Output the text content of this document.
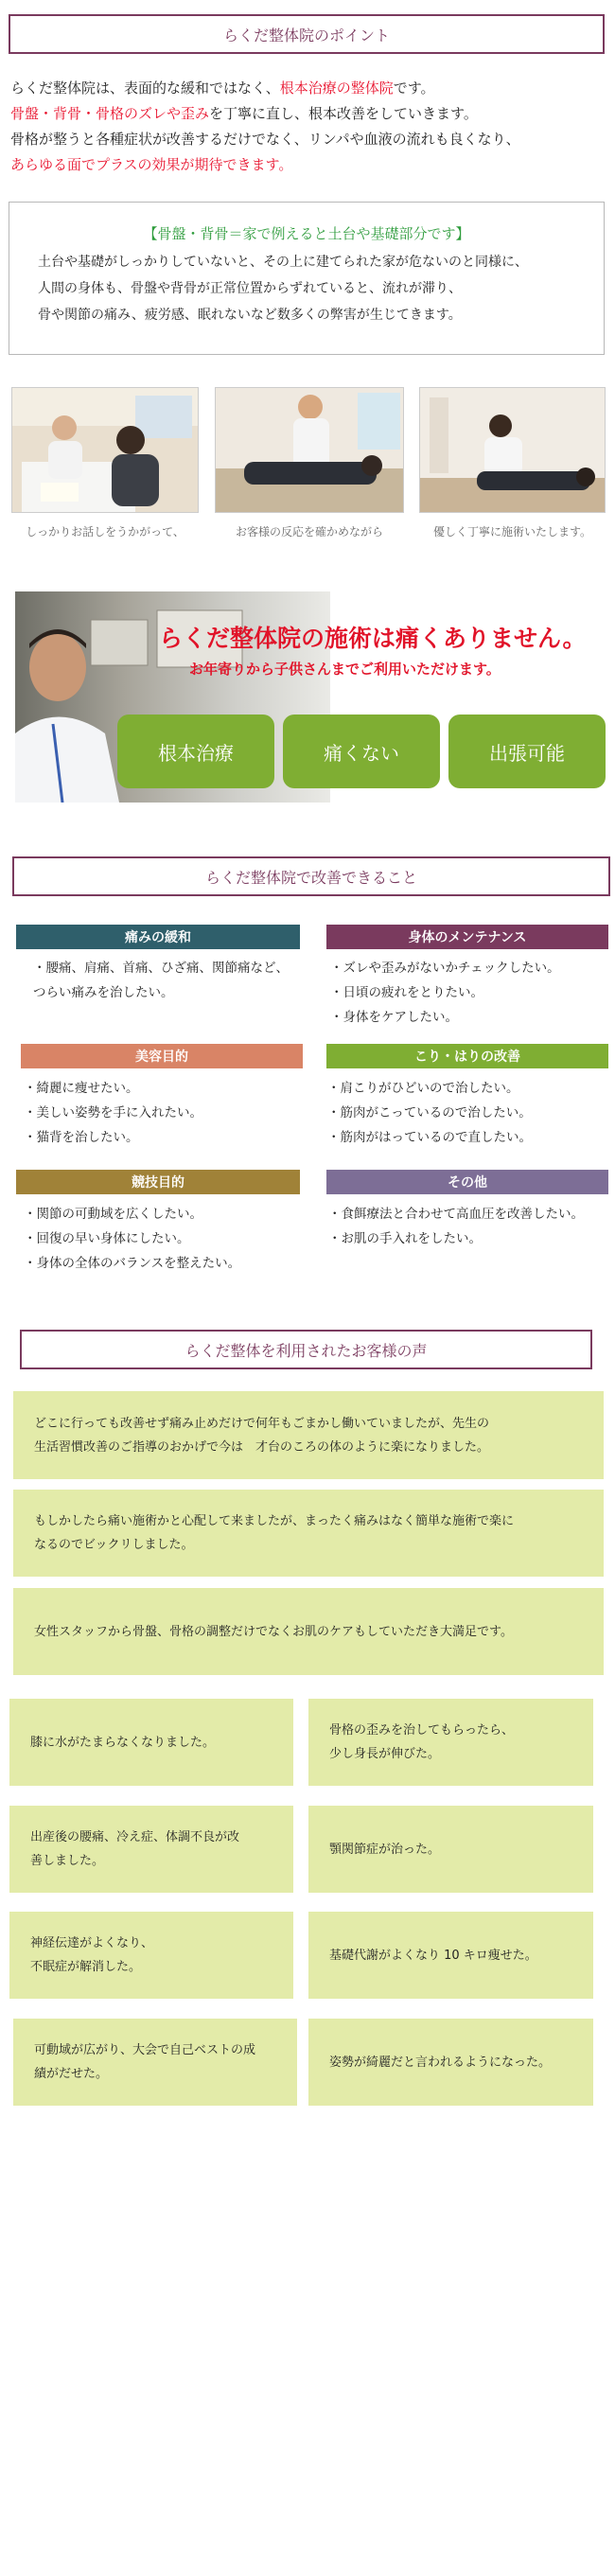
らくだ整体院のポイント

らくだ整体院は、表面的な緩和ではなく、根本治療の整体院です。

骨盤・背骨・骨格のズレや歪みを丁寧に直し、根本改善をしていきます。

骨格が整うと各種症状が改善するだけでなく、リンパや血液の流れも良くなり、

あらゆる面でプラスの効果が期待できます。

【骨盤・背骨＝家で例えると土台や基礎部分です】
土台や基礎がしっかりしていないと、その上に建てられた家が危ないのと同様に、
人間の身体も、骨盤や背骨が正常位置からずれていると、流れが滞り、
骨や関節の痛み、疲労感、眠れないなど数多くの弊害が生じてきます。
しっかりお話しをうかがって、	お客様の反応を確かめながら	優しく丁寧に施術いたします。
らくだ整体院の施術は痛くありません。
お年寄りから子供さんまでご利用いただけます。
根本治療	痛くない	出張可能
らくだ整体院で改善できること
痛みの緩和
・ 腰痛、肩痛、首痛、ひざ痛、関節痛など、つらい痛みを治したい。
身体のメンテナンス
・ ズレや歪みがないかチェックしたい。
・ 日頃の疲れをとりたい。
・ 身体をケアしたい。
美容目的
・ 綺麗に痩せたい。
・ 美しい姿勢を手に入れたい。
・ 猫背を治したい。
こり・はりの改善
・ 肩こりがひどいので治したい。
・ 筋肉がこっているので治したい。
・ 筋肉がはっているので直したい。
競技目的
・ 関節の可動域を広くしたい。
・ 回復の早い身体にしたい。
・ 身体の全体のバランスを整えたい。
その他
・ 食餌療法と合わせて高血圧を改善したい。
・ お肌の手入れをしたい。
らくだ整体を利用されたお客様の声
どこに行っても改善せず痛み止めだけで何年もごまかし働いていましたが、先生の
生活習慣改善のご指導のおかげで今は　才台のころの体のように楽になりました。
もしかしたら痛い施術かと心配して来ましたが、まったく痛みはなく簡単な施術で楽に
なるのでビックリしました。
女性スタッフから骨盤、骨格の調整だけでなくお肌のケアもしていただき大満足です。
膝に水がたまらなくなりました。
骨格の歪みを治してもらったら、
少し身長が伸びた。
出産後の腰痛、冷え症、体調不良が改
善しました。
顎関節症が治った。
神経伝達がよくなり、
不眠症が解消した。
基礎代謝がよくなり 10 キロ痩せた。
可動域が広がり、大会で自己ベストの成
績がだせた。
姿勢が綺麗だと言われるようになった。
